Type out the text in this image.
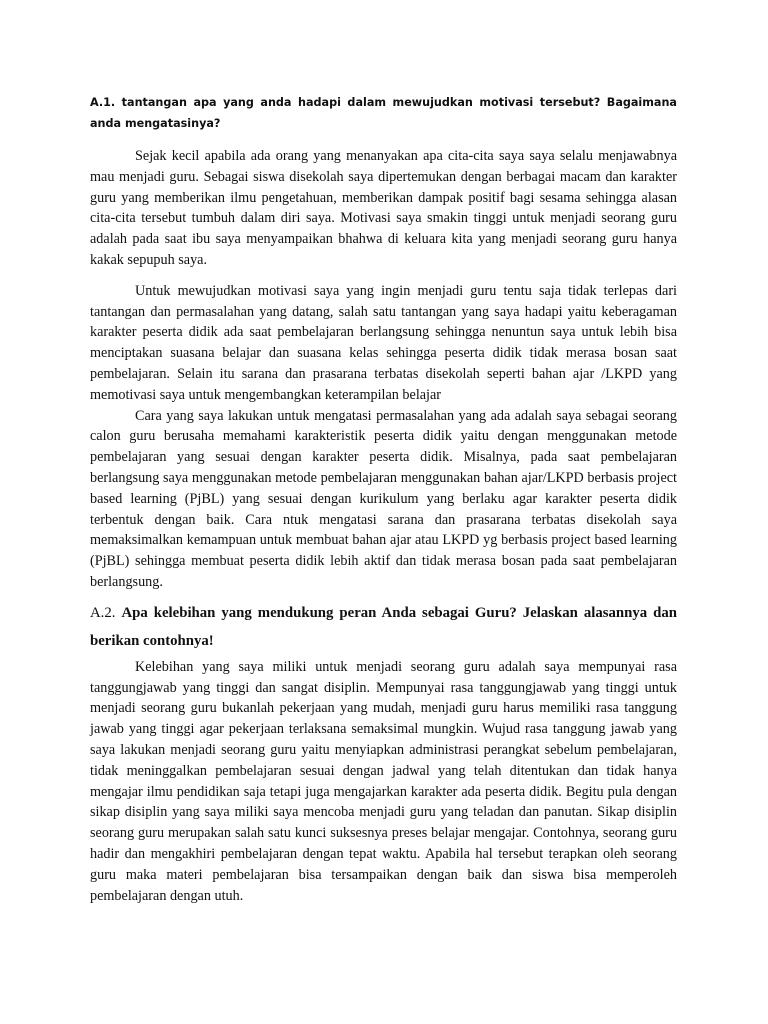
A.1. tantangan apa yang anda hadapi dalam mewujudkan motivasi tersebut? Bagaimana anda mengatasinya?

Sejak kecil apabila ada orang yang menanyakan apa cita-cita saya saya selalu menjawabnya mau menjadi guru. Sebagai siswa disekolah saya dipertemukan dengan berbagai macam dan karakter guru yang memberikan ilmu pengetahuan, memberikan dampak positif bagi sesama sehingga alasan cita-cita tersebut tumbuh dalam diri saya. Motivasi saya smakin tinggi untuk menjadi seorang guru adalah pada saat ibu saya menyampaikan bhahwa di keluara kita yang menjadi seorang guru hanya kakak sepupuh saya.

Untuk mewujudkan motivasi saya yang ingin menjadi guru tentu saja tidak terlepas dari tantangan dan permasalahan yang datang, salah satu tantangan yang saya hadapi yaitu keberagaman karakter peserta didik ada saat pembelajaran berlangsung sehingga nenuntun saya untuk lebih bisa menciptakan suasana belajar dan suasana kelas sehingga peserta didik tidak merasa bosan saat pembelajaran. Selain itu sarana dan prasarana terbatas disekolah seperti bahan ajar /LKPD yang memotivasi saya untuk mengembangkan keterampilan belajar

Cara yang saya lakukan untuk mengatasi permasalahan yang ada adalah saya sebagai seorang calon guru berusaha memahami karakteristik peserta didik yaitu dengan menggunakan metode pembelajaran yang sesuai dengan karakter peserta didik. Misalnya, pada saat pembelajaran berlangsung saya menggunakan metode pembelajaran menggunakan bahan ajar/LKPD berbasis project based learning (PjBL) yang sesuai dengan kurikulum yang berlaku agar karakter peserta didik terbentuk dengan baik. Cara ntuk mengatasi sarana dan prasarana terbatas disekolah saya memaksimalkan kemampuan untuk membuat bahan ajar atau LKPD yg berbasis project based learning (PjBL) sehingga membuat peserta didik lebih aktif dan tidak merasa bosan pada saat pembelajaran berlangsung.

A.2. Apa kelebihan yang mendukung peran Anda sebagai Guru? Jelaskan alasannya dan berikan contohnya!

Kelebihan yang saya miliki untuk menjadi seorang guru adalah saya mempunyai rasa tanggungjawab yang tinggi dan sangat disiplin. Mempunyai rasa tanggungjawab yang tinggi untuk menjadi seorang guru bukanlah pekerjaan yang mudah, menjadi guru harus memiliki rasa tanggung jawab yang tinggi agar pekerjaan terlaksana semaksimal mungkin. Wujud rasa tanggung jawab yang saya lakukan menjadi seorang guru yaitu menyiapkan administrasi perangkat sebelum pembelajaran, tidak meninggalkan pembelajaran sesuai dengan jadwal yang telah ditentukan dan tidak hanya mengajar ilmu pendidikan saja tetapi juga mengajarkan karakter ada peserta didik. Begitu pula dengan sikap disiplin yang saya miliki saya mencoba menjadi guru yang teladan dan panutan. Sikap disiplin seorang guru merupakan salah satu kunci suksesnya preses belajar mengajar. Contohnya, seorang guru hadir dan mengakhiri pembelajaran dengan tepat waktu. Apabila hal tersebut terapkan oleh seorang guru maka materi pembelajaran bisa tersampaikan dengan baik dan siswa bisa memperoleh pembelajaran dengan utuh.
